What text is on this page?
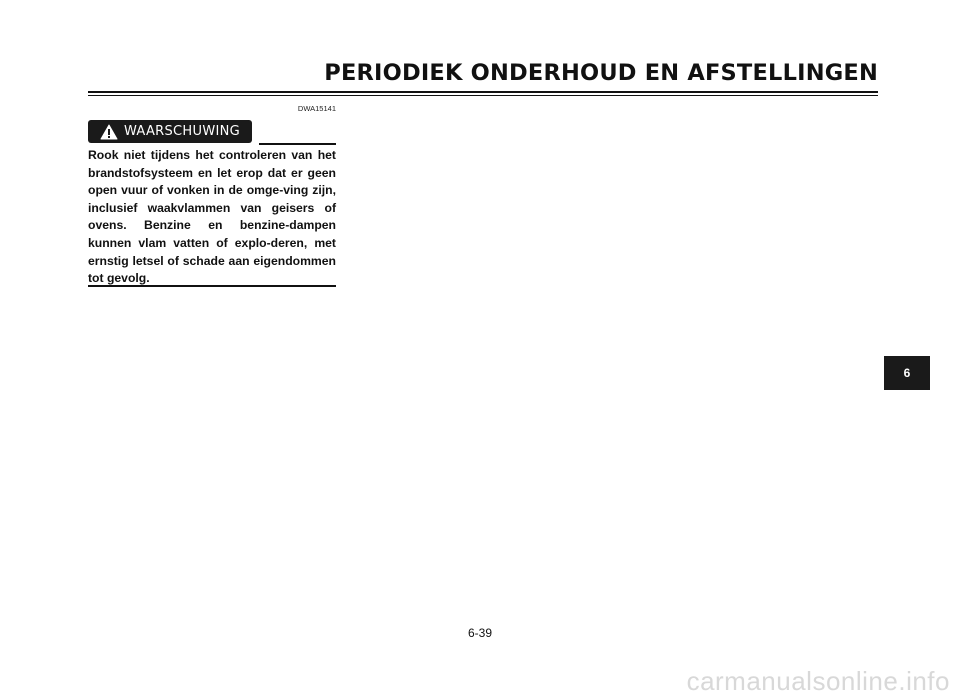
PERIODIEK ONDERHOUD EN AFSTELLINGEN
DWA15141
WAARSCHUWING
Rook niet tijdens het controleren van het brandstofsysteem en let erop dat er geen open vuur of vonken in de omge-ving zijn, inclusief waakvlammen van geisers of ovens. Benzine en benzine-dampen kunnen vlam vatten of explo-deren, met ernstig letsel of schade aan eigendommen tot gevolg.
6
6-39
carmanualsonline.info
